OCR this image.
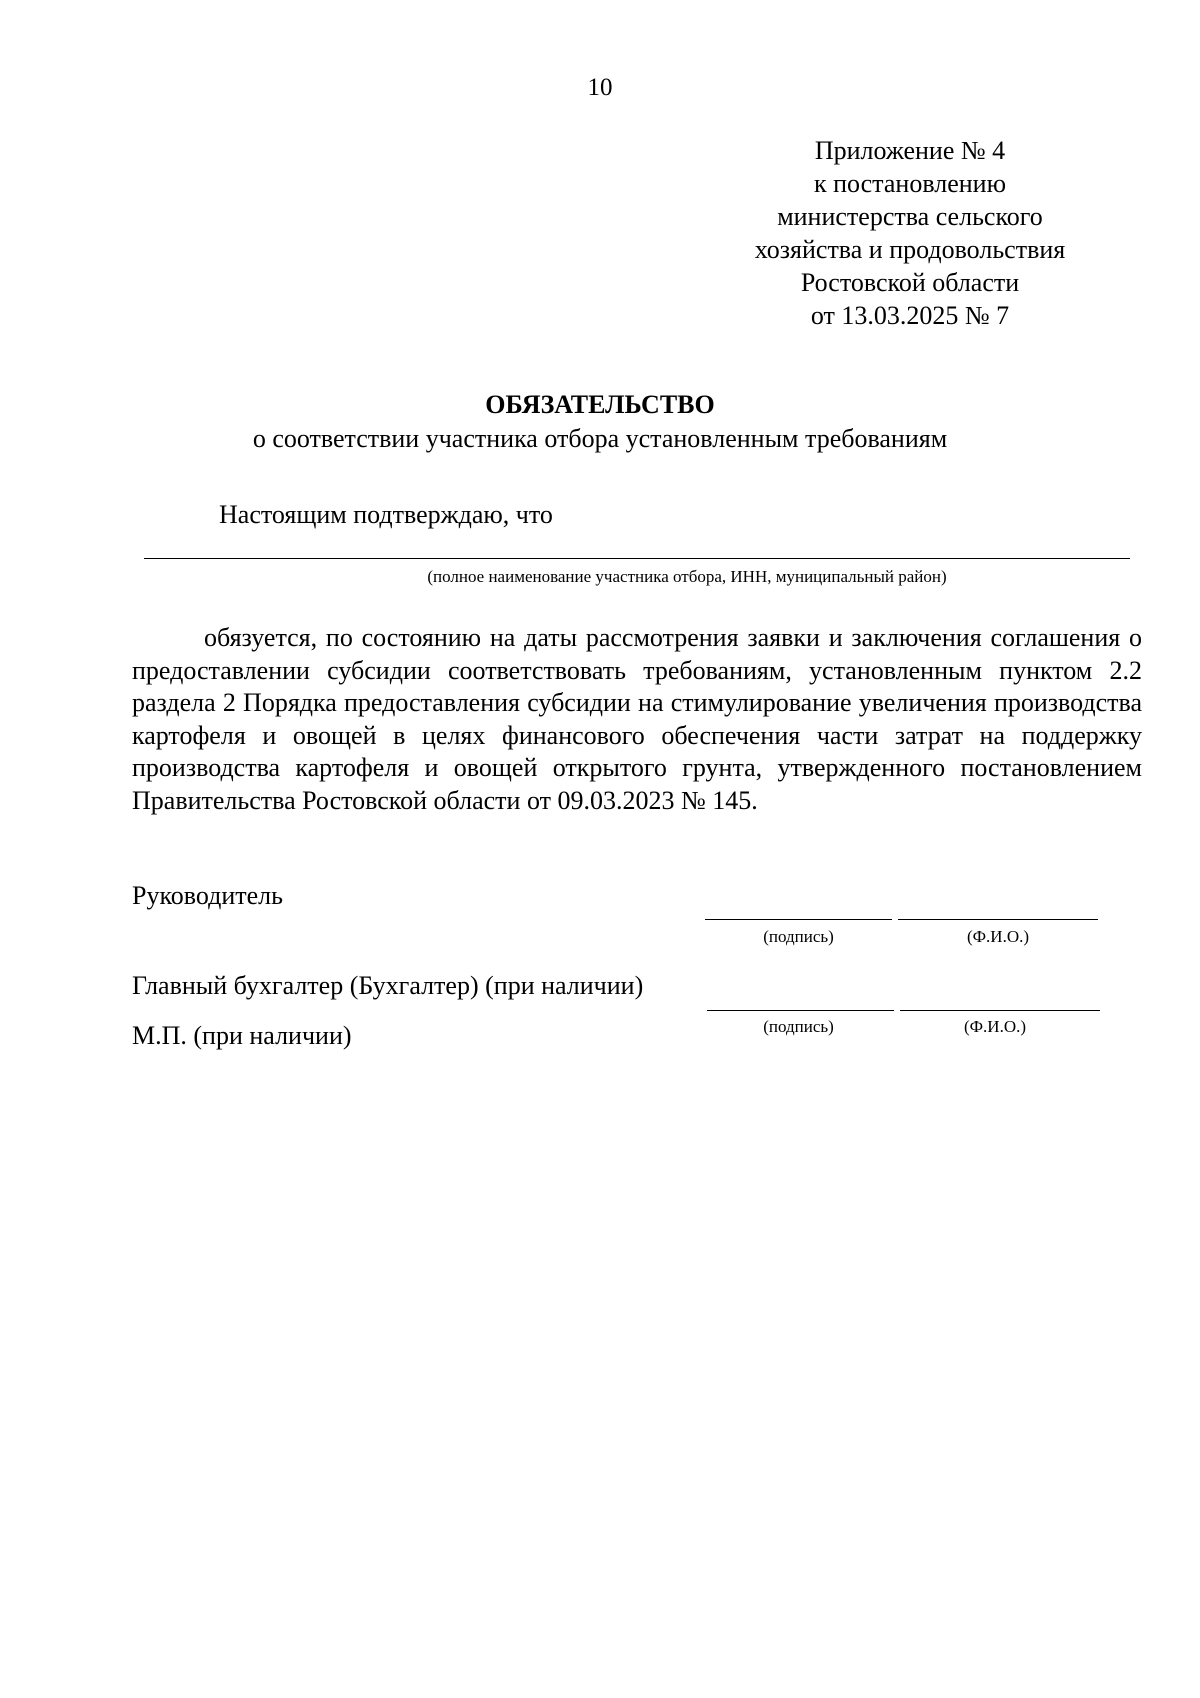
10
Приложение № 4
к постановлению
министерства сельского
хозяйства и продовольствия
Ростовской области
от 13.03.2025 № 7
ОБЯЗАТЕЛЬСТВО
о соответствии участника отбора установленным требованиям
Настоящим подтверждаю, что
(полное наименование участника отбора, ИНН, муниципальный район)

обязуется, по состоянию на даты рассмотрения заявки и заключения соглашения о предоставлении субсидии соответствовать требованиям, установленным пунктом 2.2 раздела 2 Порядка предоставления субсидии на стимулирование увеличения производства картофеля и овощей в целях финансового обеспечения части затрат на поддержку производства картофеля и овощей открытого грунта, утвержденного постановлением Правительства Ростовской области от 09.03.2023 № 145.

Руководитель
(подпись)	(Ф.И.О.)
Главный бухгалтер (Бухгалтер) (при наличии)
(подпись)	(Ф.И.О.)
М.П. (при наличии)
